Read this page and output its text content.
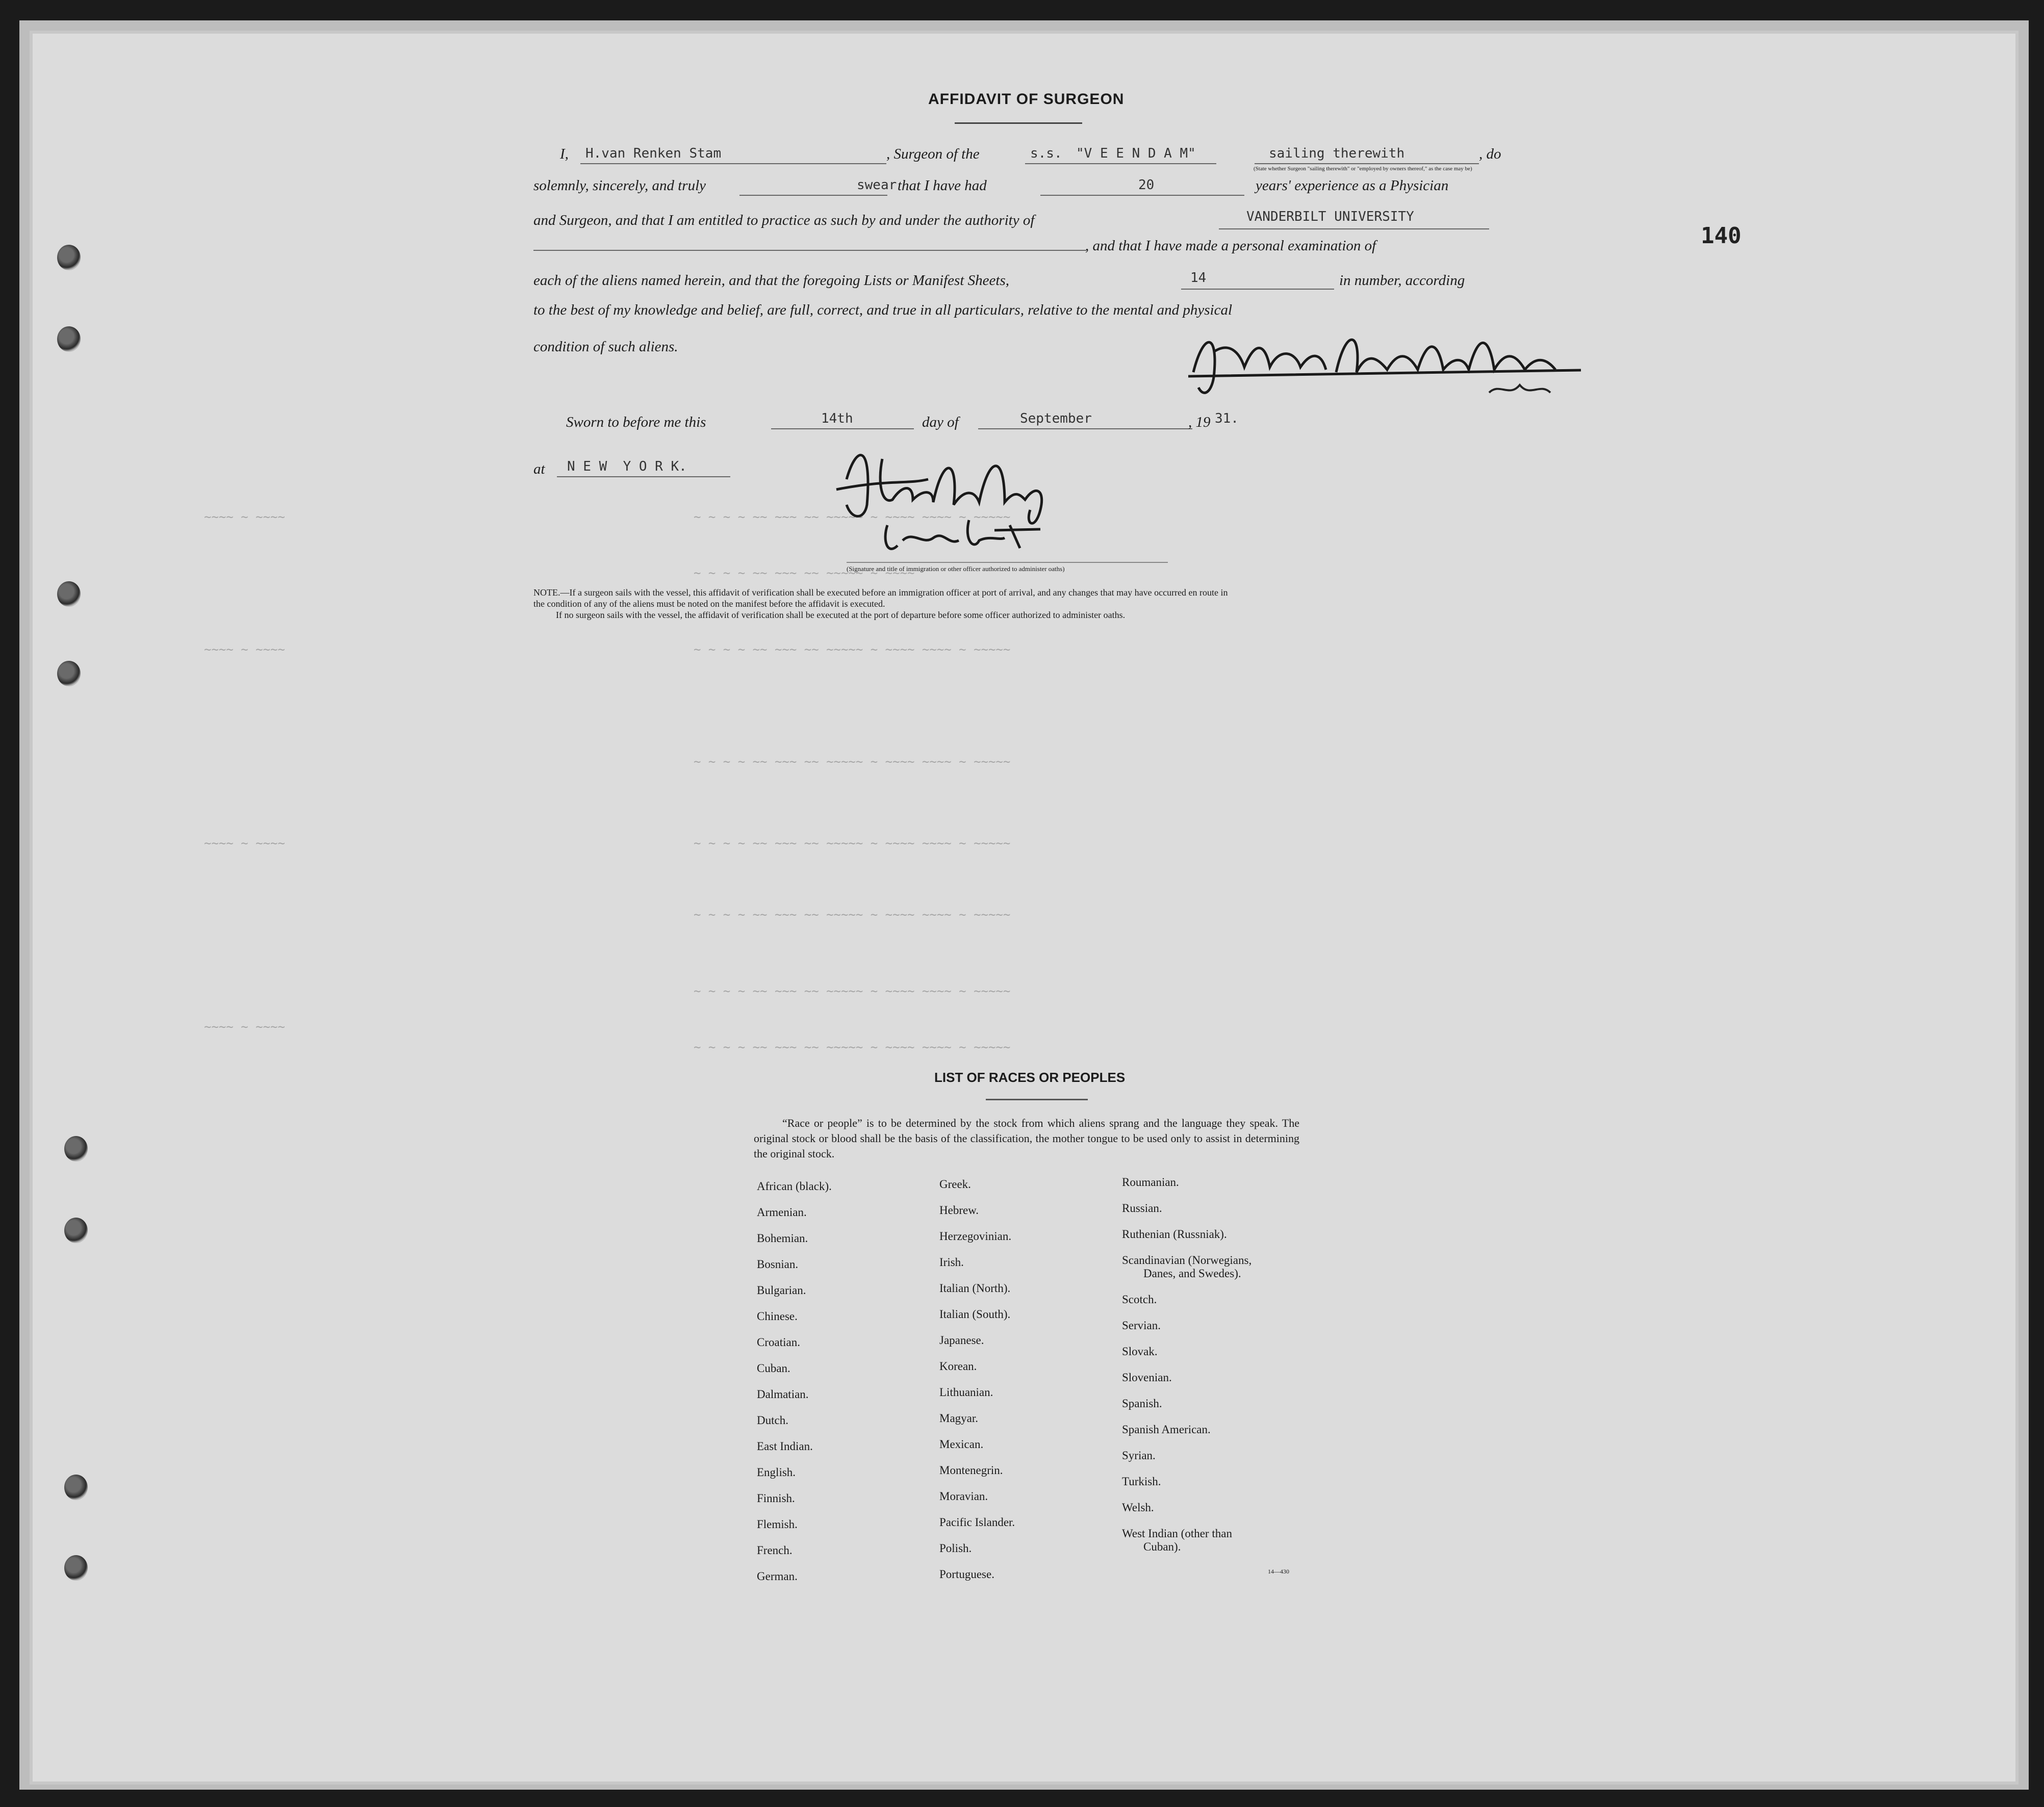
~ ~ ~ ~ ~~ ~~~ ~~ ~~~~~ ~ ~~~~ ~~~~ ~ ~~~~~
~ ~ ~ ~ ~~ ~~~ ~~ ~~~~~ ~ ~~~~
~ ~ ~ ~ ~~ ~~~ ~~ ~~~~~ ~ ~~~~ ~~~~ ~ ~~~~~
~ ~ ~ ~ ~~ ~~~ ~~ ~~~~~ ~ ~~~~ ~~~~ ~ ~~~~~
~ ~ ~ ~ ~~ ~~~ ~~ ~~~~~ ~ ~~~~ ~~~~ ~ ~~~~~
~ ~ ~ ~ ~~ ~~~ ~~ ~~~~~ ~ ~~~~ ~~~~ ~ ~~~~~
~ ~ ~ ~ ~~ ~~~ ~~ ~~~~~ ~ ~~~~ ~~~~ ~ ~~~~~
~ ~ ~ ~ ~~ ~~~ ~~ ~~~~~ ~ ~~~~ ~~~~ ~ ~~~~~
~~~~ ~ ~~~~
~~~~ ~ ~~~~
~~~~ ~ ~~~~
~~~~ ~ ~~~~
140
AFFIDAVIT OF SURGEON
I, H.van Renken Stam	, Surgeon of the	s.s. "V E E N D A M"	sailing therewith	, do
(State whether Surgeon "sailing therewith" or "employed by owners thereof," as the case may be)
solemnly, sincerely, and truly	swear that I have had	20	years' experience as a Physician
and Surgeon, and that I am entitled to practice as such by and under the authority of	VANDERBILT UNIVERSITY
, and that I have made a personal examination of
each of the aliens named herein, and that the foregoing Lists or Manifest Sheets,	14	in number, according
to the best of my knowledge and belief, are full, correct, and true in all particulars, relative to the mental and physical
condition of such aliens.
Sworn to before me this	14th	day of	September	, 19 31.
at N E W  Y O R K.
(Signature and title of immigration or other officer authorized to administer oaths)
NOTE.—If a surgeon sails with the vessel, this affidavit of verification shall be executed before an immigration officer at port of arrival, and any changes that may have occurred en route in
the condition of any of the aliens must be noted on the manifest before the affidavit is executed.
If no surgeon sails with the vessel, the affidavit of verification shall be executed at the port of departure before some officer authorized to administer oaths.
LIST OF RACES OR PEOPLES
“Race or people” is to be determined by the stock from which aliens sprang and the language they speak. The original stock or blood shall be the basis of the classification, the mother tongue to be used only to assist in determining the original stock.
African (black).
Armenian.
Bohemian.
Bosnian.
Bulgarian.
Chinese.
Croatian.
Cuban.
Dalmatian.
Dutch.
East Indian.
English.
Finnish.
Flemish.
French.
German.
Greek.
Hebrew.
Herzegovinian.
Irish.
Italian (North).
Italian (South).
Japanese.
Korean.
Lithuanian.
Magyar.
Mexican.
Montenegrin.
Moravian.
Pacific Islander.
Polish.
Portuguese.
Roumanian.
Russian.
Ruthenian (Russniak).
Scandinavian (Norwegians,
Danes, and Swedes).
Scotch.
Servian.
Slovak.
Slovenian.
Spanish.
Spanish American.
Syrian.
Turkish.
Welsh.
West Indian (other than
Cuban).
14—430
